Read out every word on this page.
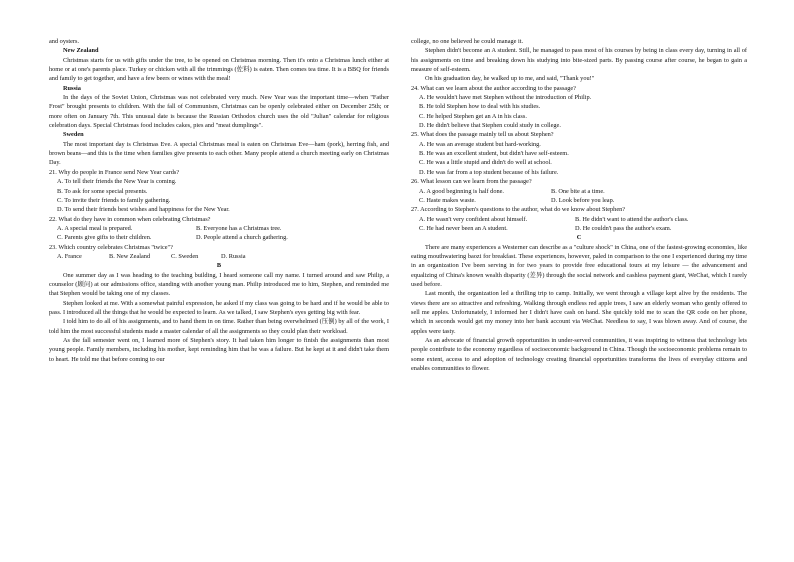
and oysters.

New Zealand

Christmas starts for us with gifts under the tree, to be opened on Christmas morning. Then it's onto a Christmas lunch either at home or at one's parents place. Turkey or chicken with all the trimmings (佐料) is eaten. Then comes tea time. It is a BBQ for friends and family to get together, and have a few beers or wines with the meal!

Russia

In the days of the Soviet Union, Christmas was not celebrated very much. New Year was the important time—when "Father Frost" brought presents to children. With the fall of Communism, Christmas can be openly celebrated either on December 25th; or more often on January 7th. This unusual date is because the Russian Orthodox church uses the old "Julian" calendar for religious celebration days. Special Christmas food includes cakes, pies and "meat dumplings".

Sweden

The most important day is Christmas Eve. A special Christmas meal is eaten on Christmas Eve—ham (pork), herring fish, and brown beans—and this is the time when families give presents to each other. Many people attend a church meeting early on Christmas Day.

21. Why do people in France send New Year cards?

A. To tell their friends the New Year is coming.

B. To ask for some special presents.

C. To invite their friends to family gathering.

D. To send their friends best wishes and happiness for the New Year.

22. What do they have in common when celebrating Christmas?

A. A special meal is prepared.	B. Everyone has a Christmas tree.
C. Parents give gifts to their children.	D. People attend a church gathering.

23. Which country celebrates Christmas "twice"?

A. France	B. New Zealand	C. Sweden	D. Russia

B

One summer day as I was heading to the teaching building, I heard someone call my name. I turned around and saw Philip, a counselor (顾问) at our admissions office, standing with another young man. Philip introduced me to him, Stephen, and reminded me that Stephen would be taking one of my classes.

Stephen looked at me. With a somewhat painful expression, he asked if my class was going to be hard and if he would be able to pass. I introduced all the things that he would be expected to learn. As we talked, I saw Stephen's eyes getting big with fear.

I told him to do all of his assignments, and to hand them in on time. Rather than being overwhelmed (压倒) by all of the work, I told him the most successful students made a master calendar of all the assignments so they could plan their workload.

As the fall semester went on, I learned more of Stephen's story. It had taken him longer to finish the assignments than most young people. Family members, including his mother, kept reminding him that he was a failure. But he kept at it and didn't take them to heart. He told me that before coming to our

college, no one believed he could manage it.

Stephen didn't become an A student. Still, he managed to pass most of his courses by being in class every day, turning in all of his assignments on time and breaking down his studying into bite-sized parts. By passing course after course, he began to gain a measure of self-esteem.

On his graduation day, he walked up to me, and said, "Thank you!"

24. What can we learn about the author according to the passage?

A. He wouldn't have met Stephen without the introduction of Philip.

B. He told Stephen how to deal with his studies.

C. He helped Stephen get an A in his class.

D. He didn't believe that Stephen could study in college.

25. What does the passage mainly tell us about Stephen?

A. He was an average student but hard-working.

B. He was an excellent student, but didn't have self-esteem.

C. He was a little stupid and didn't do well at school.

D. He was far from a top student because of his failure.

26. What lesson can we learn from the passage?

A. A good beginning is half done.	B. One bite at a time.
C. Haste makes waste.	D. Look before you leap.

27. According to Stephen's questions to the author, what do we know about Stephen?

A. He wasn't very confident about himself.	B. He didn't want to attend the author's class.
C. He had never been an A student.	D. He couldn't pass the author's exam.

C

There are many experiences a Westerner can describe as a "culture shock" in China, one of the fastest-growing economies, like eating mouthwatering baozi for breakfast. These experiences, however, paled in comparison to the one I experienced during my time in an organization I've been serving in for two years to provide free educational tours at my leisure — the advancement and equalizing of China's known wealth disparity (差异) through the social network and cashless payment giant, WeChat, which I rarely used before.

Last month, the organization led a thrilling trip to camp. Initially, we went through a village kept alive by the residents. The views there are so attractive and refreshing. Walking through endless red apple trees, I saw an elderly woman who gently offered to sell me apples. Unfortunately, I informed her I didn't have cash on hand. She quickly told me to scan the QR code on her phone, which in seconds would get my money into her bank account via WeChat. Needless to say, I was blown away. And of course, the apples were tasty.

As an advocate of financial growth opportunities in under-served communities, it was inspiring to witness that technology lets people contribute to the economy regardless of socioeconomic background in China. Though the socioeconomic problems remain to some extent, access to and adoption of technology creating financial opportunities transforms the lives of everyday citizens and enables communities to flower.
